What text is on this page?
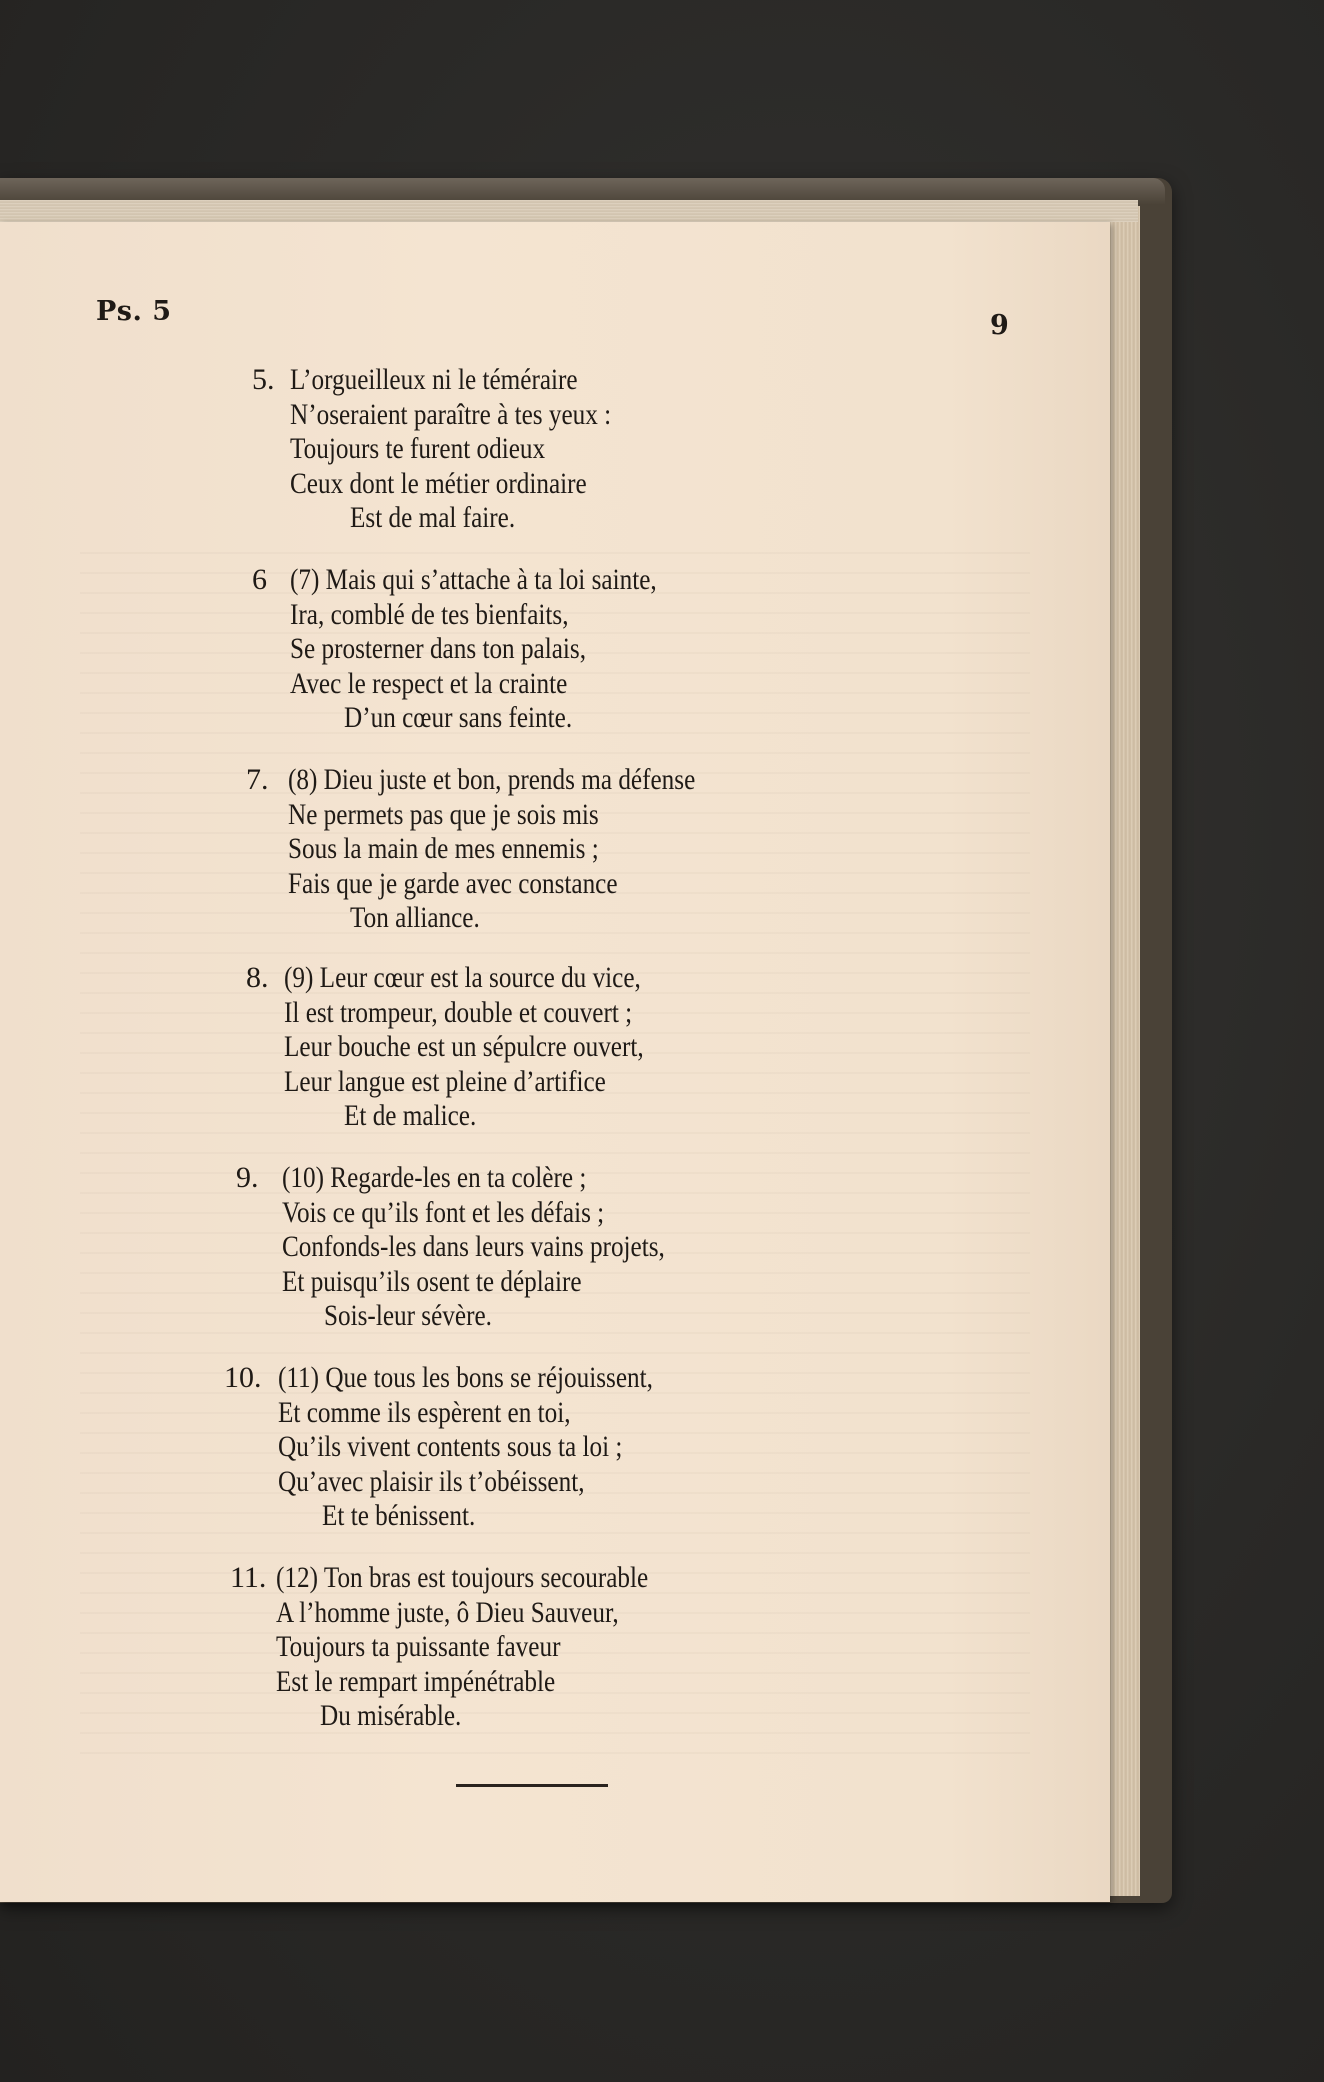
Ps. 5	9
5. L’orgueilleux ni le téméraire
N’oseraient paraître à tes yeux :
Toujours te furent odieux
Ceux dont le métier ordinaire
Est de mal faire.
6 (7) Mais qui s’attache à ta loi sainte,
Ira, comblé de tes bienfaits,
Se prosterner dans ton palais,
Avec le respect et la crainte
D’un cœur sans feinte.
7. (8) Dieu juste et bon, prends ma défense
Ne permets pas que je sois mis
Sous la main de mes ennemis ;
Fais que je garde avec constance
Ton alliance.
8. (9) Leur cœur est la source du vice,
Il est trompeur, double et couvert ;
Leur bouche est un sépulcre ouvert,
Leur langue est pleine d’artifice
Et de malice.
9. (10) Regarde-les en ta colère ;
Vois ce qu’ils font et les défais ;
Confonds-les dans leurs vains projets,
Et puisqu’ils osent te déplaire
Sois-leur sévère.
10. (11) Que tous les bons se réjouissent,
Et comme ils espèrent en toi,
Qu’ils vivent contents sous ta loi ;
Qu’avec plaisir ils t’obéissent,
Et te bénissent.
11. (12) Ton bras est toujours secourable
A l’homme juste, ô Dieu Sauveur,
Toujours ta puissante faveur
Est le rempart impénétrable
Du misérable.
